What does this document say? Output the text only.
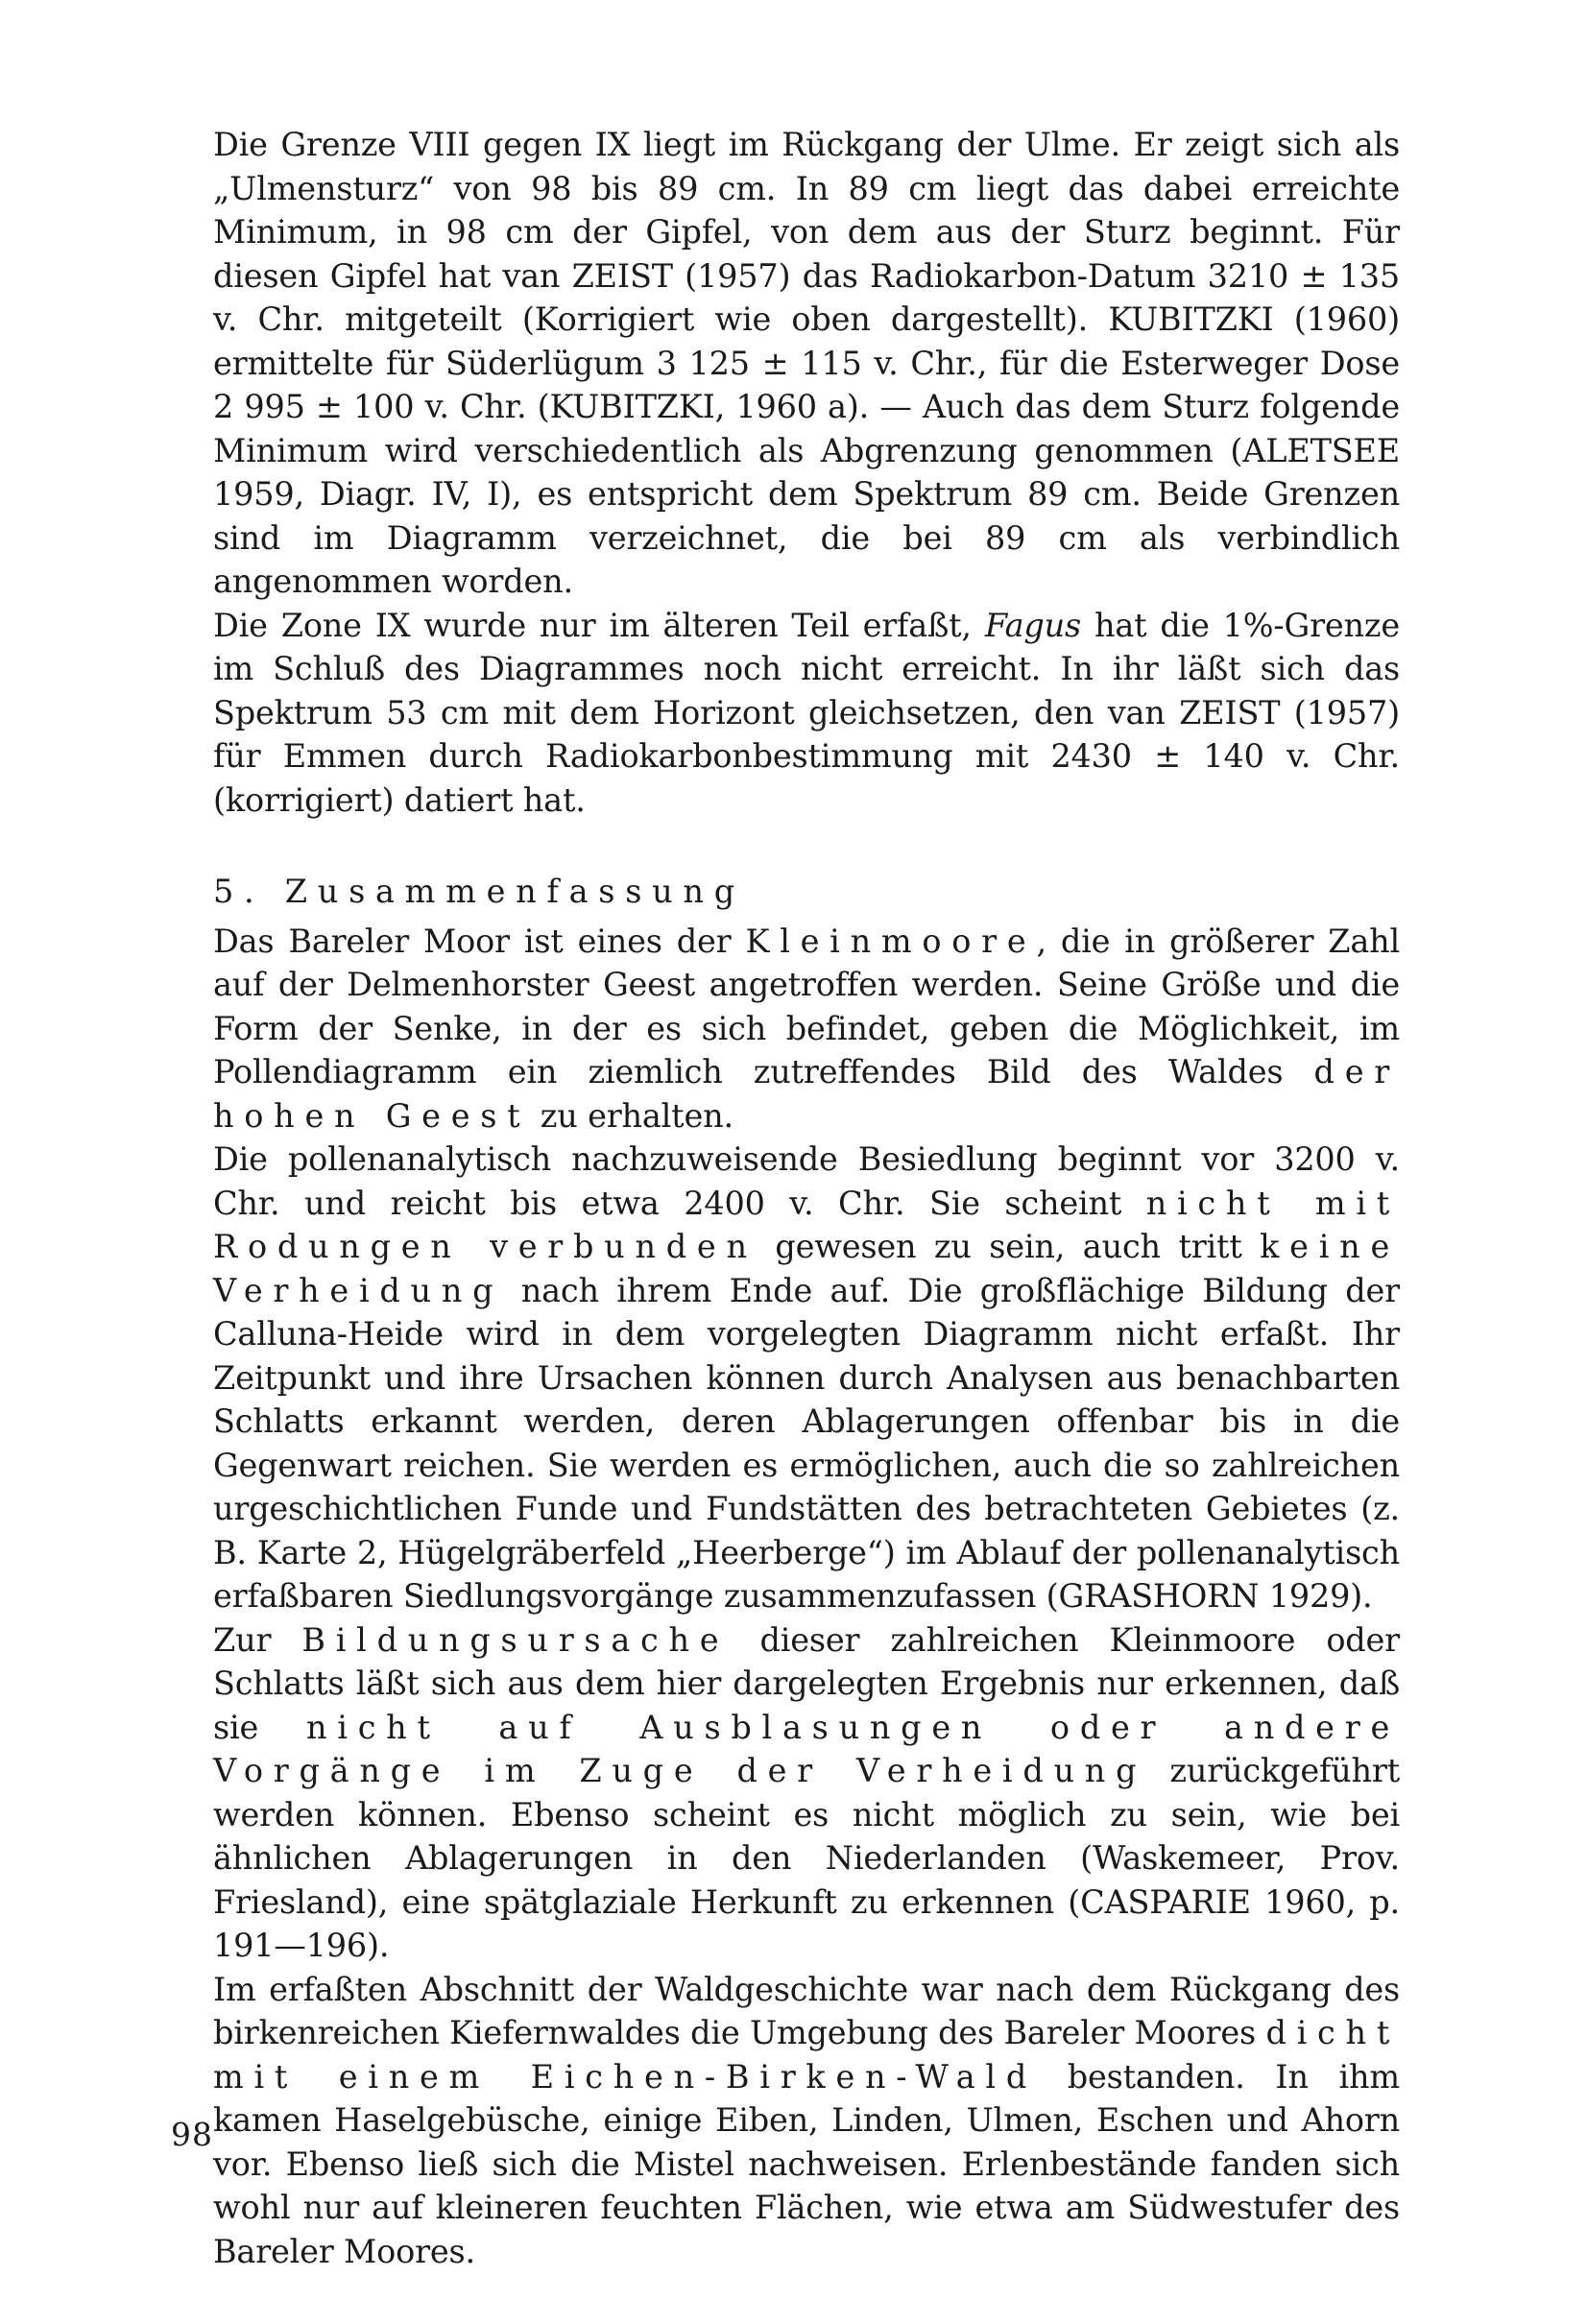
Die Grenze VIII gegen IX liegt im Rückgang der Ulme. Er zeigt sich als „Ulmensturz“ von 98 bis 89 cm. In 89 cm liegt das dabei erreichte Minimum, in 98 cm der Gipfel, von dem aus der Sturz beginnt. Für diesen Gipfel hat van ZEIST (1957) das Radiokarbon-Datum 3210 ± 135 v. Chr. mitgeteilt (Korrigiert wie oben dargestellt). KUBITZKI (1960) ermittelte für Süderlügum 3 125 ± 115 v. Chr., für die Esterweger Dose 2 995 ± 100 v. Chr. (KUBITZKI, 1960 a). — Auch das dem Sturz folgende Minimum wird verschiedentlich als Abgrenzung genommen (ALETSEE 1959, Diagr. IV, I), es entspricht dem Spektrum 89 cm. Beide Grenzen sind im Diagramm verzeichnet, die bei 89 cm als verbindlich angenommen worden.

Die Zone IX wurde nur im älteren Teil erfaßt, Fagus hat die 1%-Grenze im Schluß des Diagrammes noch nicht erreicht. In ihr läßt sich das Spektrum 53 cm mit dem Horizont gleichsetzen, den van ZEIST (1957) für Emmen durch Radiokarbonbestimmung mit 2430 ± 140 v. Chr. (korrigiert) datiert hat.

5. Zusammenfassung

Das Bareler Moor ist eines der Kleinmoore, die in größerer Zahl auf der Delmenhorster Geest angetroffen werden. Seine Größe und die Form der Senke, in der es sich befindet, geben die Möglichkeit, im Pollendiagramm ein ziemlich zutreffendes Bild des Waldes der hohen Geest zu erhalten.

Die pollenanalytisch nachzuweisende Besiedlung beginnt vor 3200 v. Chr. und reicht bis etwa 2400 v. Chr. Sie scheint nicht mit Rodungen verbunden gewesen zu sein, auch tritt keine Verheidung nach ihrem Ende auf. Die großflächige Bildung der Calluna-Heide wird in dem vorgelegten Diagramm nicht erfaßt. Ihr Zeitpunkt und ihre Ursachen können durch Analysen aus benachbarten Schlatts erkannt werden, deren Ablagerungen offenbar bis in die Gegenwart reichen. Sie werden es ermöglichen, auch die so zahlreichen urgeschichtlichen Funde und Fundstätten des betrachteten Gebietes (z. B. Karte 2, Hügelgräberfeld „Heerberge“) im Ablauf der pollenanalytisch erfaßbaren Siedlungsvorgänge zusammenzufassen (GRASHORN 1929).

Zur Bildungsursache dieser zahlreichen Kleinmoore oder Schlatts läßt sich aus dem hier dargelegten Ergebnis nur erkennen, daß sie nicht auf Ausblasungen oder andere Vorgänge im Zuge der Verheidung zurückgeführt werden können. Ebenso scheint es nicht möglich zu sein, wie bei ähnlichen Ablagerungen in den Niederlanden (Waskemeer, Prov. Friesland), eine spätglaziale Herkunft zu erkennen (CASPARIE 1960, p. 191—196).

Im erfaßten Abschnitt der Waldgeschichte war nach dem Rückgang des birkenreichen Kiefernwaldes die Umgebung des Bareler Moores dicht mit einem Eichen-Birken-Wald bestanden. In ihm kamen Haselgebüsche, einige Eiben, Linden, Ulmen, Eschen und Ahorn vor. Ebenso ließ sich die Mistel nachweisen. Erlenbestände fanden sich wohl nur auf kleineren feuchten Flächen, wie etwa am Südwestufer des Bareler Moores.

98
